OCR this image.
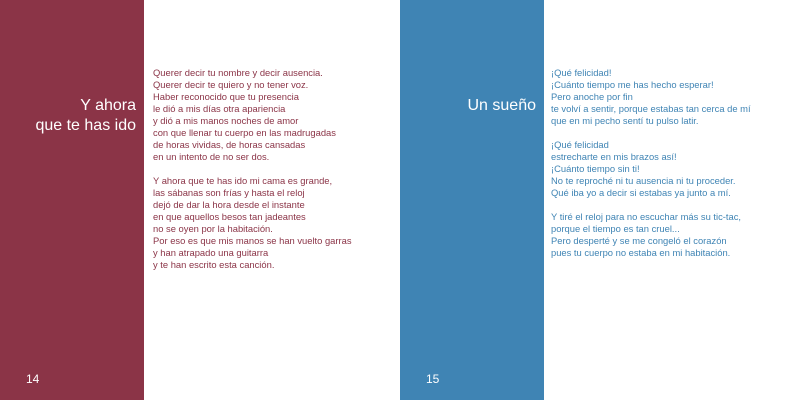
Y ahora
que te has ido
14
Querer decir tu nombre y decir ausencia.
Querer decir te quiero y no tener voz.
Haber reconocido que tu presencia
le dió a mis días otra apariencia
y dió a mis manos noches de amor
con que llenar tu cuerpo en las madrugadas
de horas vividas, de horas cansadas
en un intento de no ser dos.
Y ahora que te has ido mi cama es grande,
las sábanas son frías y hasta el reloj
dejó de dar la hora desde el instante
en que aquellos besos tan jadeantes
no se oyen por la habitación.
Por eso es que mis manos se han vuelto garras
y han atrapado una guitarra
y te han escrito esta canción.
Un sueño
15
¡Qué felicidad!
¡Cuánto tiempo me has hecho esperar!
Pero anoche por fin
te volví a sentir, porque estabas tan cerca de mí
que en mi pecho sentí tu pulso latir.
¡Qué felicidad
estrecharte en mis brazos así!
¡Cuánto tiempo sin ti!
No te reproché ni tu ausencia ni tu proceder.
Qué iba yo a decir si estabas ya junto a mí.
Y tiré el reloj para no escuchar más su tic-tac,
porque el tiempo es tan cruel...
Pero desperté y se me congeló el corazón
pues tu cuerpo no estaba en mi habitación.
